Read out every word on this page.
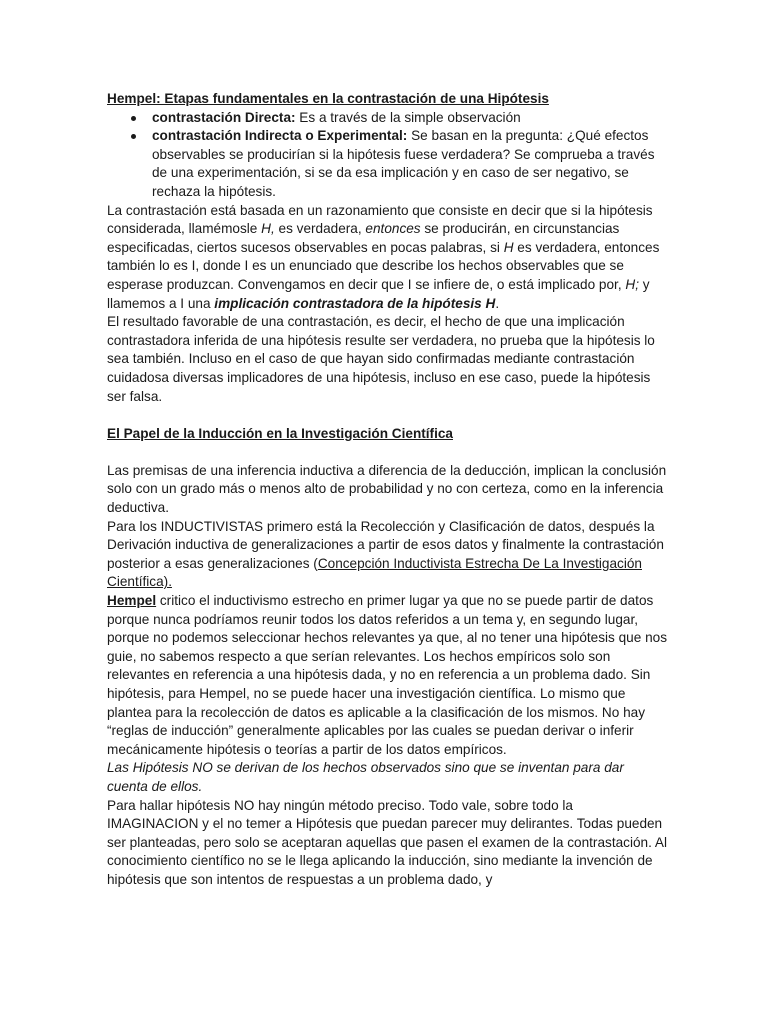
Hempel: Etapas fundamentales en la contrastación de una Hipótesis

contrastación Directa: Es a través de la simple observación
contrastación Indirecta o Experimental: Se basan en la pregunta: ¿Qué efectos observables se producirían si la hipótesis fuese verdadera? Se comprueba a través de una experimentación, si se da esa implicación y en caso de ser negativo, se rechaza la hipótesis.

La contrastación está basada en un razonamiento que consiste en decir que si la hipótesis considerada, llamémosle H, es verdadera, entonces se producirán, en circunstancias especificadas, ciertos sucesos observables en pocas palabras, si H es verdadera, entonces también lo es I, donde I es un enunciado que describe los hechos observables que se esperase produzcan. Convengamos en decir que I se infiere de, o está implicado por, H; y llamemos a I una implicación contrastadora de la hipótesis H.

El resultado favorable de una contrastación, es decir, el hecho de que una implicación contrastadora inferida de una hipótesis resulte ser verdadera, no prueba que la hipótesis lo sea también. Incluso en el caso de que hayan sido confirmadas mediante contrastación cuidadosa diversas implicadores de una hipótesis, incluso en ese caso, puede la hipótesis ser falsa.

El Papel de la Inducción en la Investigación Científica

Las premisas de una inferencia inductiva a diferencia de la deducción, implican la conclusión solo con un grado más o menos alto de probabilidad y no con certeza, como en la inferencia deductiva.

Para los INDUCTIVISTAS primero está la Recolección y Clasificación de datos, después la Derivación inductiva de generalizaciones a partir de esos datos y finalmente la contrastación posterior a esas generalizaciones (Concepción Inductivista Estrecha De La Investigación Científica).

Hempel critico el inductivismo estrecho en primer lugar ya que no se puede partir de datos porque nunca podríamos reunir todos los datos referidos a un tema y, en segundo lugar, porque no podemos seleccionar hechos relevantes ya que, al no tener una hipótesis que nos guie, no sabemos respecto a que serían relevantes. Los hechos empíricos solo son relevantes en referencia a una hipótesis dada, y no en referencia a un problema dado. Sin hipótesis, para Hempel, no se puede hacer una investigación científica. Lo mismo que plantea para la recolección de datos es aplicable a la clasificación de los mismos. No hay “reglas de inducción” generalmente aplicables por las cuales se puedan derivar o inferir mecánicamente hipótesis o teorías a partir de los datos empíricos.

Las Hipótesis NO se derivan de los hechos observados sino que se inventan para dar cuenta de ellos.

Para hallar hipótesis NO hay ningún método preciso. Todo vale, sobre todo la IMAGINACION y el no temer a Hipótesis que puedan parecer muy delirantes. Todas pueden ser planteadas, pero solo se aceptaran aquellas que pasen el examen de la contrastación. Al conocimiento científico no se le llega aplicando la inducción, sino mediante la invención de hipótesis que son intentos de respuestas a un problema dado, y
